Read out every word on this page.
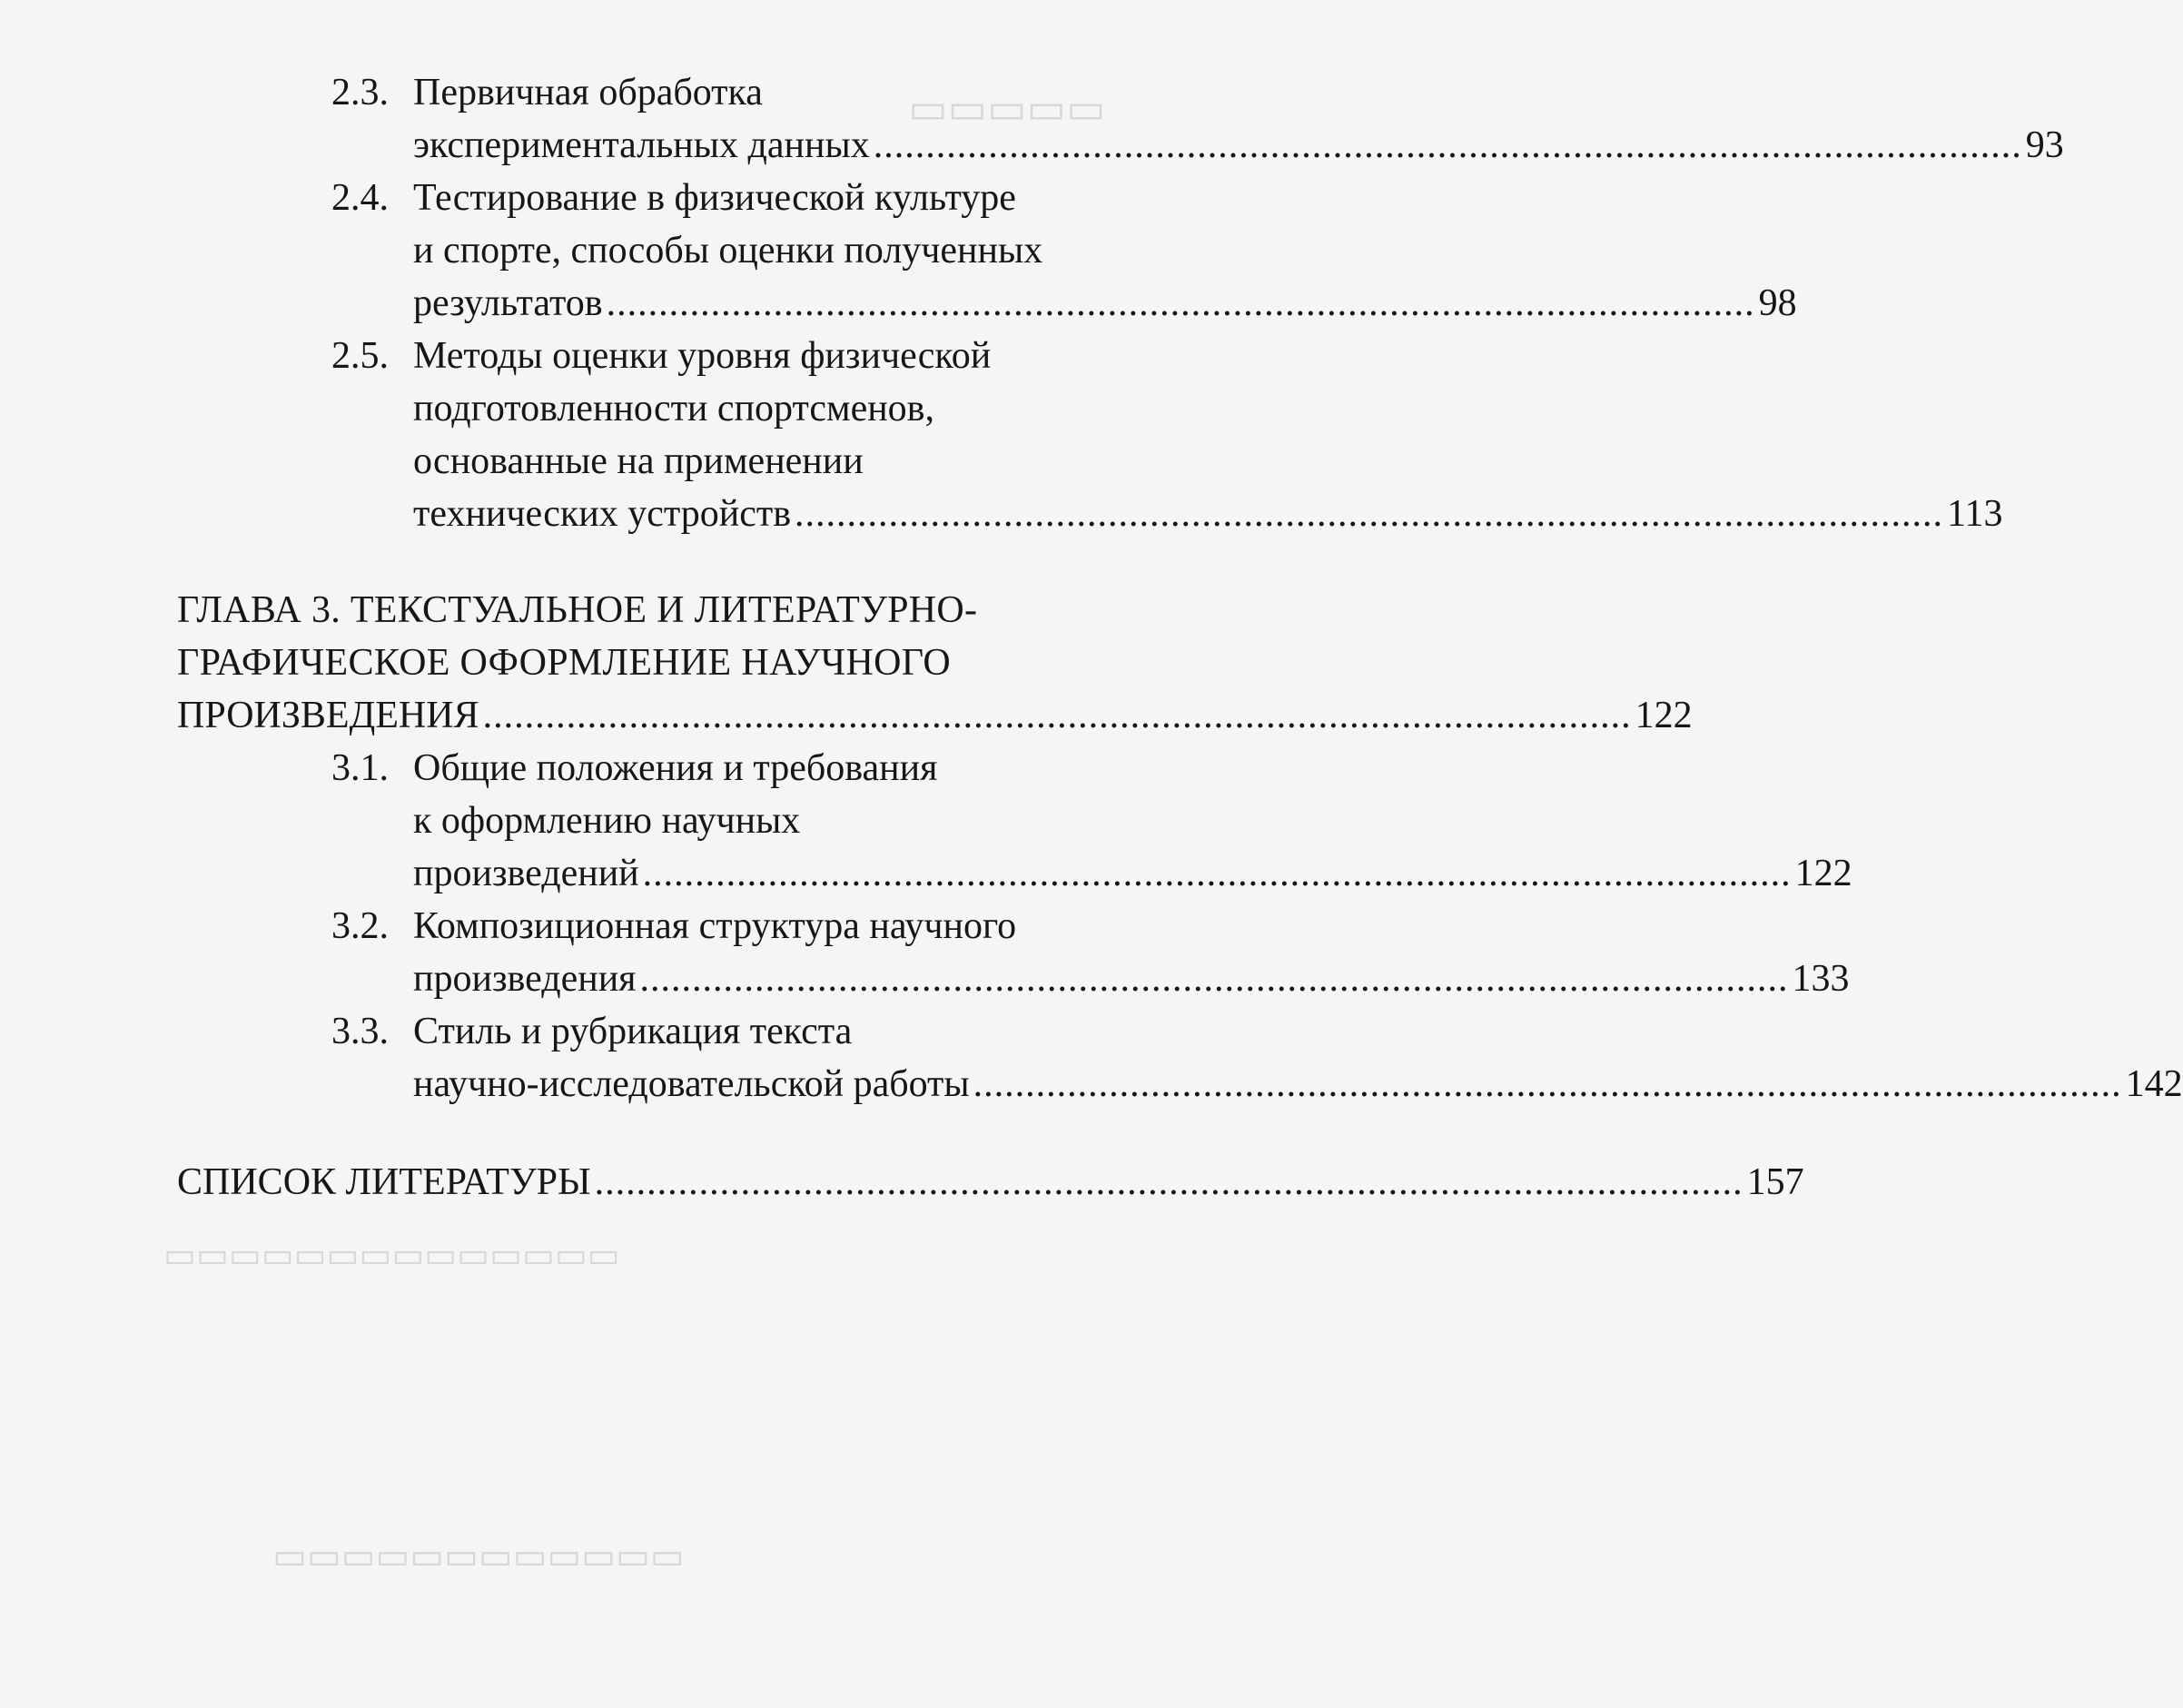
▭▭▭▭▭
▭▭▭▭▭▭▭▭▭▭▭▭
▭▭▭▭▭▭▭▭▭▭▭▭▭▭
2.3. Первичная обработка
экспериментальных данных .............................................................................................................. 93
2.4. Тестирование в физической культуре
и спорте, способы оценки полученных
результатов .............................................................................................................. 98
2.5. Методы оценки уровня физической
подготовленности спортсменов,
основанные на применении
технических устройств .............................................................................................................. 113
ГЛАВА 3. ТЕКСТУАЛЬНОЕ И ЛИТЕРАТУРНО-
ГРАФИЧЕСКОЕ ОФОРМЛЕНИЕ НАУЧНОГО
ПРОИЗВЕДЕНИЯ .............................................................................................................. 122
3.1. Общие положения и требования
к оформлению научных
произведений .............................................................................................................. 122
3.2. Композиционная структура научного
произведения .............................................................................................................. 133
3.3. Стиль и рубрикация текста
научно-исследовательской работы .............................................................................................................. 142
СПИСОК ЛИТЕРАТУРЫ .............................................................................................................. 157
